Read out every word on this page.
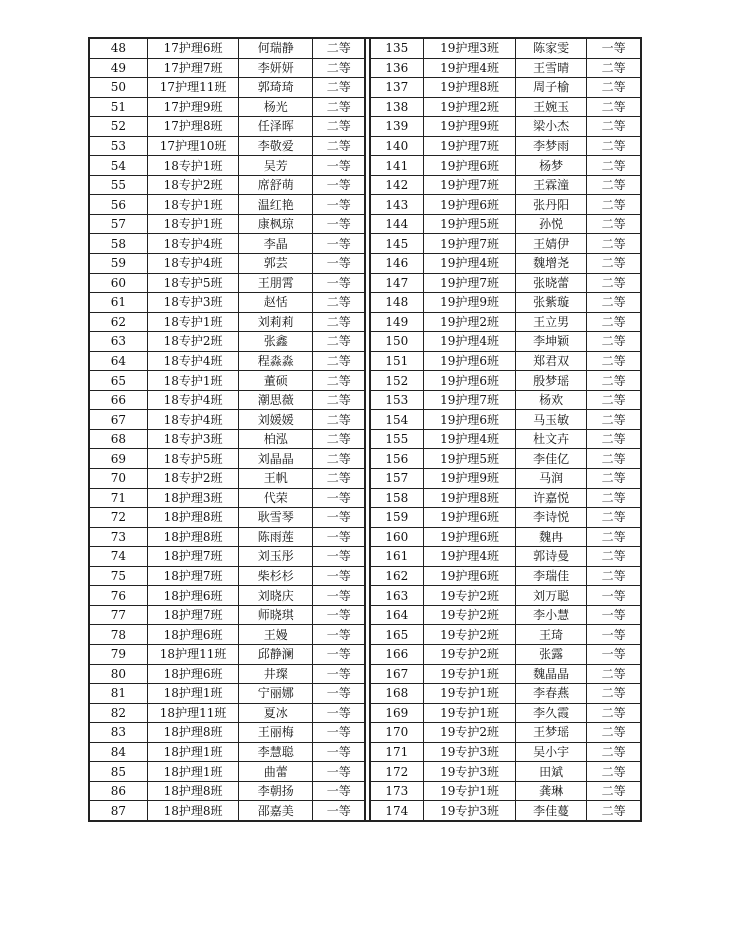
48	17护理6班	何瑞静	二等		135	19护理3班	陈家雯	一等
49	17护理7班	李妍妍	二等		136	19护理4班	王雪晴	二等
50	17护理11班	郭琦琦	二等		137	19护理8班	周子榆	二等
51	17护理9班	杨光	二等		138	19护理2班	王婉玉	二等
52	17护理8班	任泽晖	二等		139	19护理9班	梁小杰	二等
53	17护理10班	李敬爱	二等		140	19护理7班	李梦雨	二等
54	18专护1班	吴芳	一等		141	19护理6班	杨梦	二等
55	18专护2班	席舒萌	一等		142	19护理7班	王霖潼	二等
56	18专护1班	温红艳	一等		143	19护理6班	张丹阳	二等
57	18专护1班	康枫琼	一等		144	19护理5班	孙悦	二等
58	18专护4班	李晶	一等		145	19护理7班	王婧伊	二等
59	18专护4班	郭芸	一等		146	19护理4班	魏增尧	二等
60	18专护5班	王朋霄	一等		147	19护理7班	张晓蕾	二等
61	18专护3班	赵恬	二等		148	19护理9班	张紫璇	二等
62	18专护1班	刘莉莉	二等		149	19护理2班	王立男	二等
63	18专护2班	张鑫	二等		150	19护理4班	李坤颖	二等
64	18专护4班	程淼淼	二等		151	19护理6班	郑君双	二等
65	18专护1班	董硕	二等		152	19护理6班	殷梦瑶	二等
66	18专护4班	潮思薇	二等		153	19护理7班	杨欢	二等
67	18专护4班	刘媛媛	二等		154	19护理6班	马玉敏	二等
68	18专护3班	柏泓	二等		155	19护理4班	杜文卉	二等
69	18专护5班	刘晶晶	二等		156	19护理5班	李佳亿	二等
70	18专护2班	王帆	二等		157	19护理9班	马润	二等
71	18护理3班	代荣	一等		158	19护理8班	许嘉悦	二等
72	18护理8班	耿雪琴	一等		159	19护理6班	李诗悦	二等
73	18护理8班	陈雨莲	一等		160	19护理6班	魏冉	二等
74	18护理7班	刘玉彤	一等		161	19护理4班	郭诗曼	二等
75	18护理7班	柴杉杉	一等		162	19护理6班	李瑞佳	二等
76	18护理6班	刘晓庆	一等		163	19专护2班	刘万聪	一等
77	18护理7班	师晓琪	一等		164	19专护2班	李小慧	一等
78	18护理6班	王嫚	一等		165	19专护2班	王琦	一等
79	18护理11班	邱静澜	一等		166	19专护2班	张露	一等
80	18护理6班	井璨	一等		167	19专护1班	魏晶晶	二等
81	18护理1班	宁丽娜	一等		168	19专护1班	李春燕	二等
82	18护理11班	夏冰	一等		169	19专护1班	李久霞	二等
83	18护理8班	王丽梅	一等		170	19专护2班	王梦瑶	二等
84	18护理1班	李慧聪	一等		171	19专护3班	吴小宇	二等
85	18护理1班	曲蕾	一等		172	19专护3班	田斌	二等
86	18护理8班	李朝扬	一等		173	19专护1班	龚琳	二等
87	18护理8班	邵嘉美	一等		174	19专护3班	李佳蔓	二等
